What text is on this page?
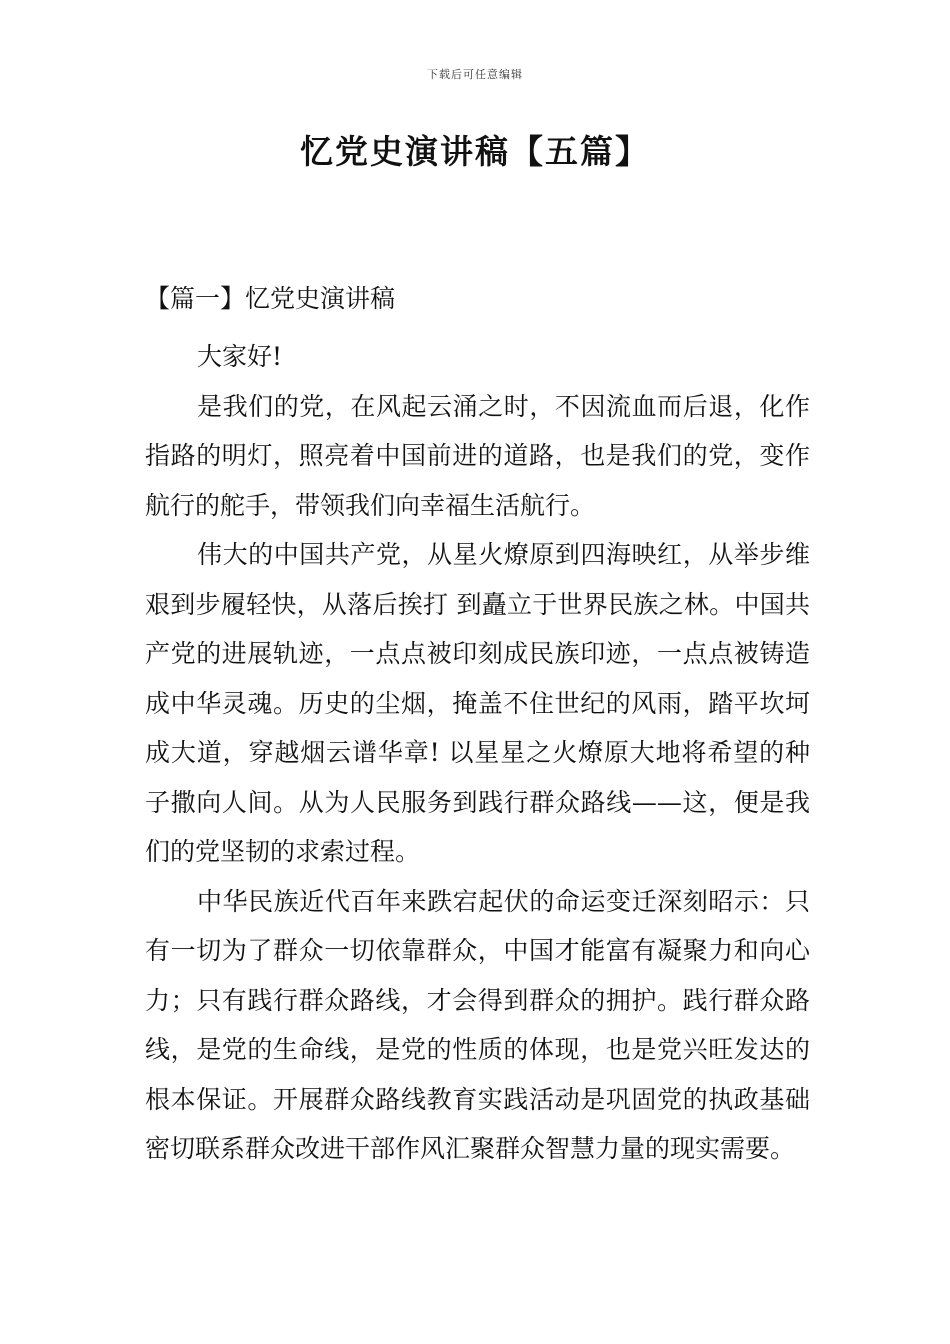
下载后可任意编辑
忆党史演讲稿【五篇】
【篇一】忆党史演讲稿

大家好!

是我们的党，在风起云涌之时，不因流血而后退，化作指路的明灯，照亮着中国前进的道路，也是我们的党，变作航行的舵手，带领我们向幸福生活航行。

伟大的中国共产党，从星火燎原到四海映红，从举步维艰到步履轻快，从落后挨打 到矗立于世界民族之林。中国共产党的进展轨迹，一点点被印刻成民族印迹，一点点被铸造成中华灵魂。历史的尘烟，掩盖不住世纪的风雨，踏平坎坷成大道，穿越烟云谱华章! 以星星之火燎原大地将希望的种子撒向人间。从为人民服务到践行群众路线——这，便是我们的党坚韧的求索过程。

中华民族近代百年来跌宕起伏的命运变迁深刻昭示：只有一切为了群众一切依靠群众，中国才能富有凝聚力和向心力；只有践行群众路线，才会得到群众的拥护。践行群众路线，是党的生命线，是党的性质的体现，也是党兴旺发达的根本保证。开展群众路线教育实践活动是巩固党的执政基础密切联系群众改进干部作风汇聚群众智慧力量的现实需要。
